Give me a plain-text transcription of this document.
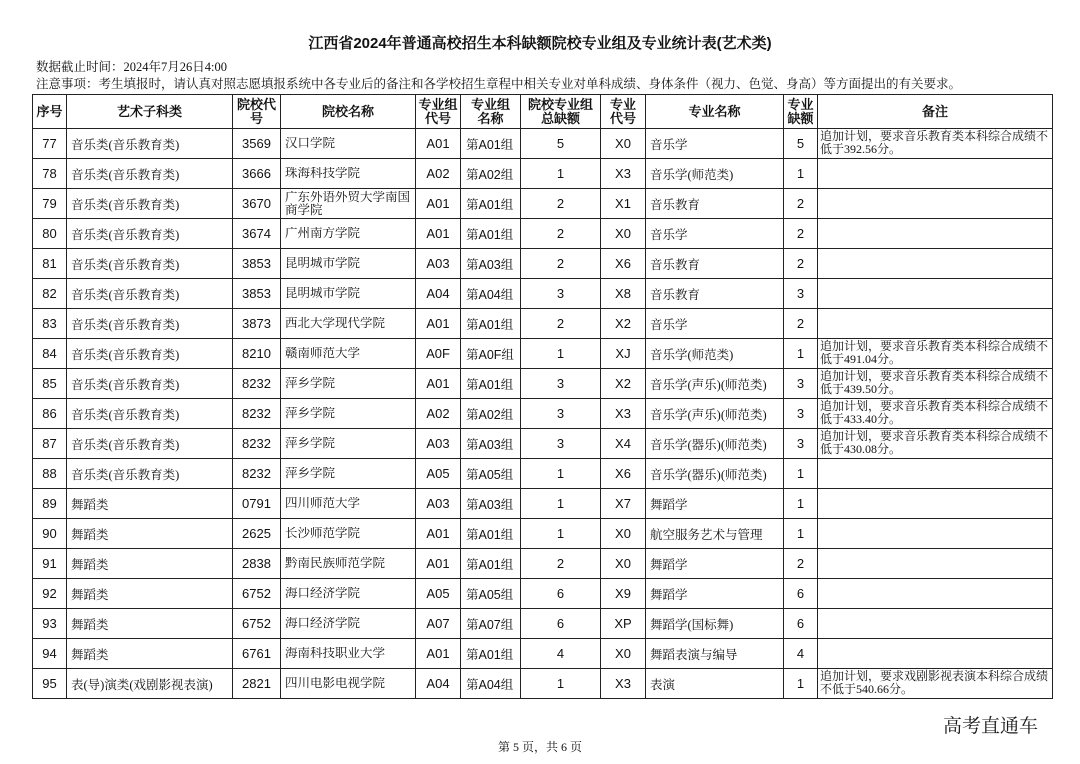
江西省2024年普通高校招生本科缺额院校专业组及专业统计表(艺术类)
数据截止时间：2024年7月26日4:00
注意事项：考生填报时，请认真对照志愿填报系统中各专业后的备注和各学校招生章程中相关专业对单科成绩、身体条件（视力、色觉、身高）等方面提出的有关要求。
序号	艺术子科类	院校代号	院校名称	专业组代号	专业组名称	院校专业组总缺额	专业代号	专业名称	专业缺额	备注

77	音乐类(音乐教育类)	3569	汉口学院	A01	第A01组	5	X0	音乐学	5	追加计划，要求音乐教育类本科综合成绩不低于392.56分。

78	音乐类(音乐教育类)	3666	珠海科技学院	A02	第A02组	1	X3	音乐学(师范类)	1	

79	音乐类(音乐教育类)	3670	广东外语外贸大学南国商学院	A01	第A01组	2	X1	音乐教育	2	

80	音乐类(音乐教育类)	3674	广州南方学院	A01	第A01组	2	X0	音乐学	2	

81	音乐类(音乐教育类)	3853	昆明城市学院	A03	第A03组	2	X6	音乐教育	2	

82	音乐类(音乐教育类)	3853	昆明城市学院	A04	第A04组	3	X8	音乐教育	3	

83	音乐类(音乐教育类)	3873	西北大学现代学院	A01	第A01组	2	X2	音乐学	2	

84	音乐类(音乐教育类)	8210	赣南师范大学	A0F	第A0F组	1	XJ	音乐学(师范类)	1	追加计划，要求音乐教育类本科综合成绩不低于491.04分。

85	音乐类(音乐教育类)	8232	萍乡学院	A01	第A01组	3	X2	音乐学(声乐)(师范类)	3	追加计划，要求音乐教育类本科综合成绩不低于439.50分。

86	音乐类(音乐教育类)	8232	萍乡学院	A02	第A02组	3	X3	音乐学(声乐)(师范类)	3	追加计划，要求音乐教育类本科综合成绩不低于433.40分。

87	音乐类(音乐教育类)	8232	萍乡学院	A03	第A03组	3	X4	音乐学(器乐)(师范类)	3	追加计划，要求音乐教育类本科综合成绩不低于430.08分。

88	音乐类(音乐教育类)	8232	萍乡学院	A05	第A05组	1	X6	音乐学(器乐)(师范类)	1	

89	舞蹈类	0791	四川师范大学	A03	第A03组	1	X7	舞蹈学	1	

90	舞蹈类	2625	长沙师范学院	A01	第A01组	1	X0	航空服务艺术与管理	1	

91	舞蹈类	2838	黔南民族师范学院	A01	第A01组	2	X0	舞蹈学	2	

92	舞蹈类	6752	海口经济学院	A05	第A05组	6	X9	舞蹈学	6	

93	舞蹈类	6752	海口经济学院	A07	第A07组	6	XP	舞蹈学(国标舞)	6	

94	舞蹈类	6761	海南科技职业大学	A01	第A01组	4	X0	舞蹈表演与编导	4	

95	表(导)演类(戏剧影视表演)	2821	四川电影电视学院	A04	第A04组	1	X3	表演	1	追加计划，要求戏剧影视表演本科综合成绩不低于540.66分。
高考直通车
第 5 页，共 6 页
